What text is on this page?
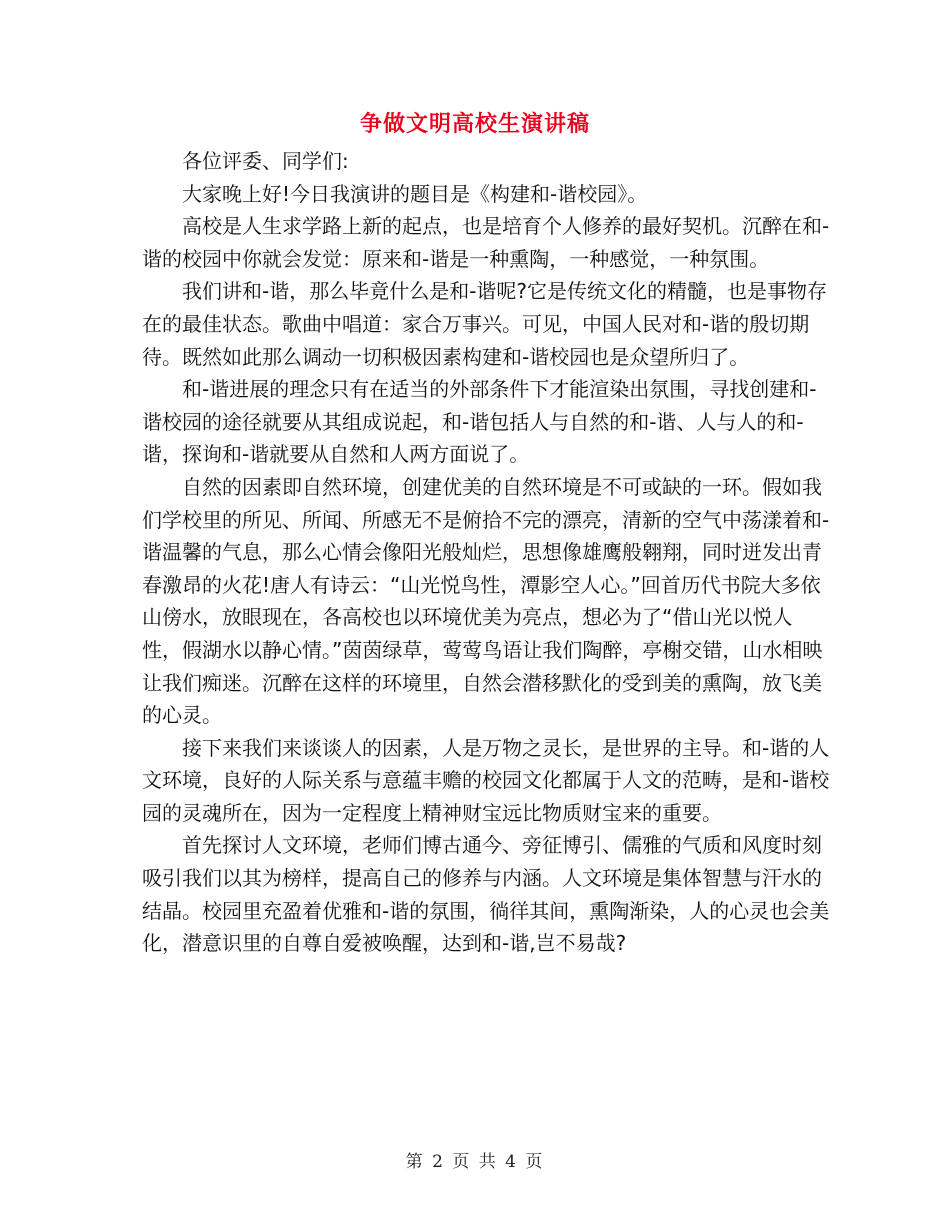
争做文明高校生演讲稿

各位评委、同学们:

大家晚上好!今日我演讲的题目是《构建和-谐校园》。

高校是人生求学路上新的起点，也是培育个人修养的最好契机。沉醉在和-谐的校园中你就会发觉：原来和-谐是一种熏陶，一种感觉，一种氛围。

我们讲和-谐，那么毕竟什么是和-谐呢?它是传统文化的精髓，也是事物存在的最佳状态。歌曲中唱道：家合万事兴。可见，中国人民对和-谐的殷切期待。既然如此那么调动一切积极因素构建和-谐校园也是众望所归了。

和-谐进展的理念只有在适当的外部条件下才能渲染出氛围，寻找创建和-谐校园的途径就要从其组成说起，和-谐包括人与自然的和-谐、人与人的和-谐，探询和-谐就要从自然和人两方面说了。

自然的因素即自然环境，创建优美的自然环境是不可或缺的一环。假如我们学校里的所见、所闻、所感无不是俯拾不完的漂亮，清新的空气中荡漾着和-谐温馨的气息，那么心情会像阳光般灿烂，思想像雄鹰般翱翔，同时迸发出青春激昂的火花!唐人有诗云：“山光悦鸟性，潭影空人心。”回首历代书院大多依山傍水，放眼现在，各高校也以环境优美为亮点，想必为了“借山光以悦人性，假湖水以静心情。”茵茵绿草，莺莺鸟语让我们陶醉，亭榭交错，山水相映让我们痴迷。沉醉在这样的环境里，自然会潜移默化的受到美的熏陶，放飞美的心灵。

接下来我们来谈谈人的因素，人是万物之灵长，是世界的主导。和-谐的人文环境，良好的人际关系与意蕴丰赡的校园文化都属于人文的范畴，是和-谐校园的灵魂所在，因为一定程度上精神财宝远比物质财宝来的重要。

首先探讨人文环境，老师们博古通今、旁征博引、儒雅的气质和风度时刻吸引我们以其为榜样，提高自己的修养与内涵。人文环境是集体智慧与汗水的结晶。校园里充盈着优雅和-谐的氛围，徜徉其间，熏陶渐染，人的心灵也会美化，潜意识里的自尊自爱被唤醒，达到和-谐,岂不易哉?

第 2 页 共 4 页
